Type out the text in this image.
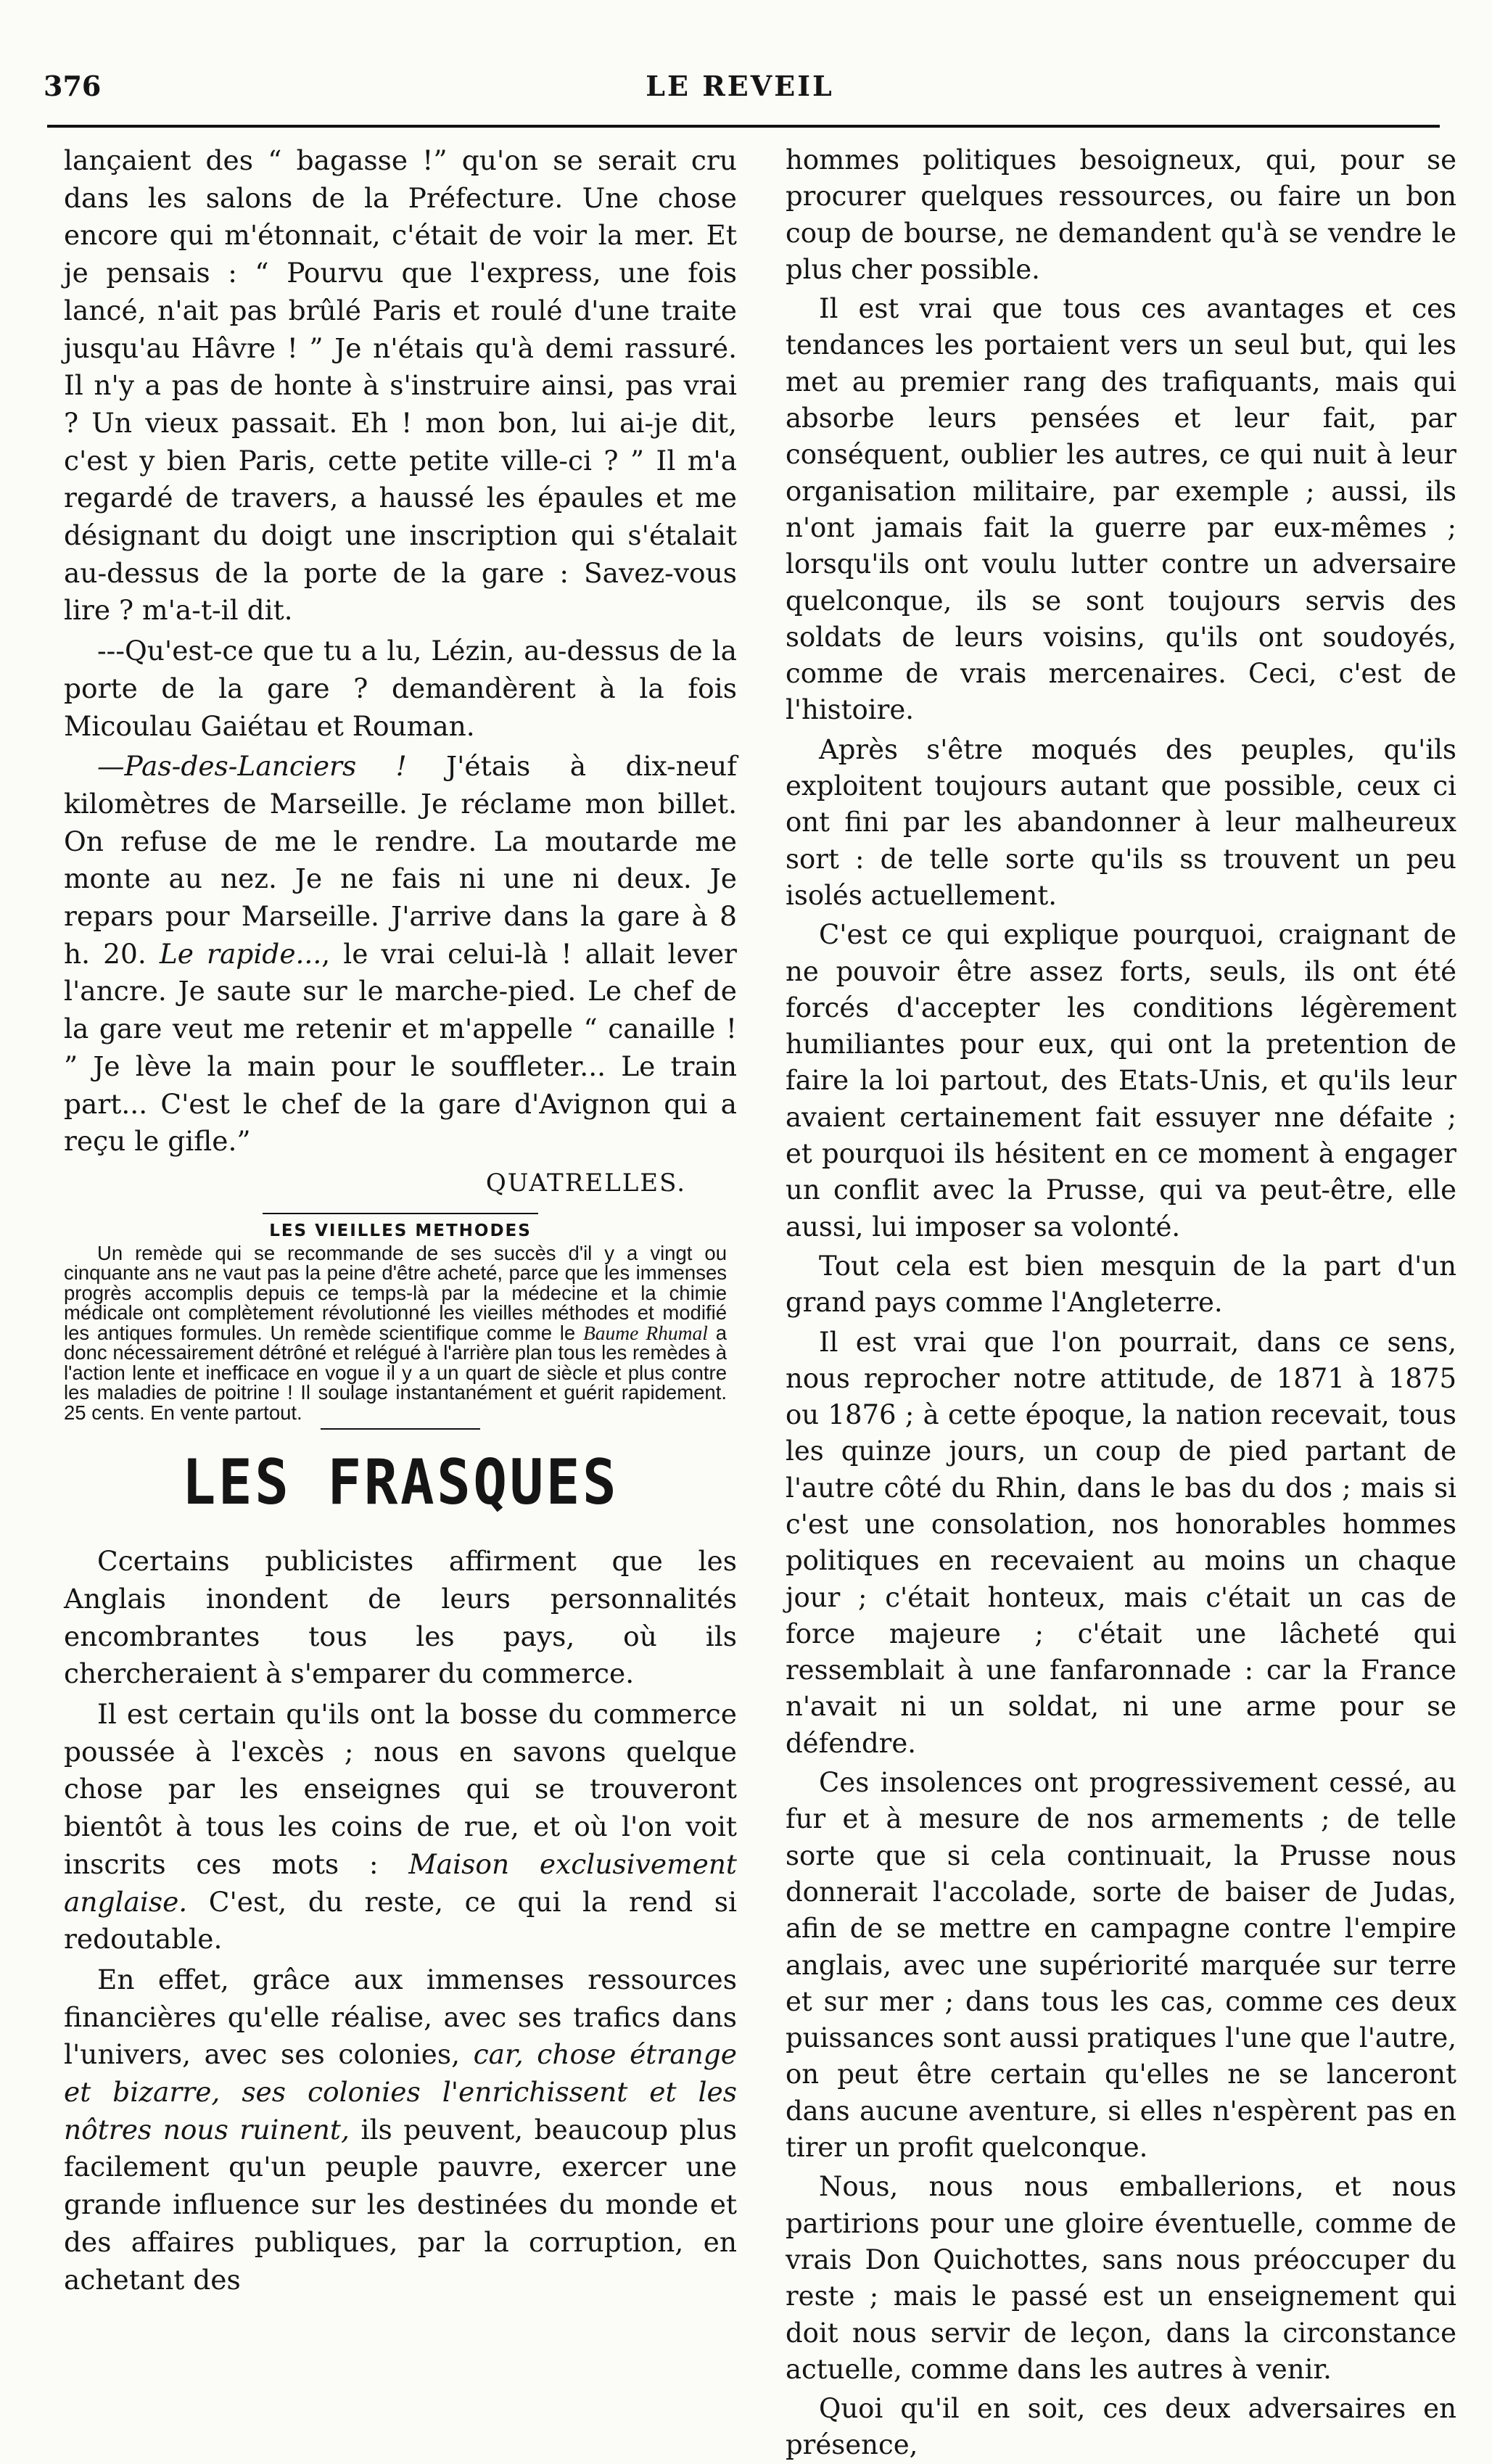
376	LE REVEIL

lançaient des “ bagasse !” qu'on se serait cru dans les salons de la Préfecture. Une chose encore qui m'étonnait, c'était de voir la mer. Et je pensais : “ Pourvu que l'express, une fois lancé, n'ait pas brûlé Paris et roulé d'une traite jusqu'au Hâvre ! ” Je n'étais qu'à demi rassuré. Il n'y a pas de honte à s'instruire ainsi, pas vrai ? Un vieux passait. Eh ! mon bon, lui ai-je dit, c'est y bien Paris, cette petite ville-ci ? ” Il m'a regardé de travers, a haussé les épaules et me désignant du doigt une inscription qui s'étalait au-dessus de la porte de la gare : Savez-vous lire ? m'a-t-il dit.

---Qu'est-ce que tu a lu, Lézin, au-dessus de la porte de la gare ? demandèrent à la fois Micoulau Gaiétau et Rouman.

—Pas-des-Lanciers ! J'étais à dix-neuf kilomètres de Marseille. Je réclame mon billet. On refuse de me le rendre. La moutarde me monte au nez. Je ne fais ni une ni deux. Je repars pour Marseille. J'arrive dans la gare à 8 h. 20. Le rapide..., le vrai celui-là ! allait lever l'ancre. Je saute sur le marche-pied. Le chef de la gare veut me retenir et m'appelle “ canaille ! ” Je lève la main pour le souffleter... Le train part... C'est le chef de la gare d'Avignon qui a reçu le gifle.”

QUATRELLES.

LES VIEILLES METHODES

Un remède qui se recommande de ses succès d'il y a vingt ou cinquante ans ne vaut pas la peine d'être acheté, parce que les immenses progrès accomplis depuis ce temps-là par la médecine et la chimie médicale ont complètement révolutionné les vieilles méthodes et modifié les antiques formules. Un remède scientifique comme le Baume Rhumal a donc nécessairement détrôné et relégué à l'arrière plan tous les remèdes à l'action lente et inefficace en vogue il y a un quart de siècle et plus contre les maladies de poitrine ! Il soulage instantanément et guérit rapidement. 25 cents. En vente partout.

LES FRASQUES

Ccertains publicistes affirment que les Anglais inondent de leurs personnalités encombrantes tous les pays, où ils chercheraient à s'emparer du commerce.

Il est certain qu'ils ont la bosse du commerce poussée à l'excès ; nous en savons quelque chose par les enseignes qui se trouveront bientôt à tous les coins de rue, et où l'on voit inscrits ces mots : Maison exclusivement anglaise. C'est, du reste, ce qui la rend si redoutable.

En effet, grâce aux immenses ressources financières qu'elle réalise, avec ses trafics dans l'univers, avec ses colonies, car, chose étrange et bizarre, ses colonies l'enrichissent et les nôtres nous ruinent, ils peuvent, beaucoup plus facilement qu'un peuple pauvre, exercer une grande influence sur les destinées du monde et des affaires publiques, par la corruption, en achetant des

hommes politiques besoigneux, qui, pour se procurer quelques ressources, ou faire un bon coup de bourse, ne demandent qu'à se vendre le plus cher possible.

Il est vrai que tous ces avantages et ces tendances les portaient vers un seul but, qui les met au premier rang des trafiquants, mais qui absorbe leurs pensées et leur fait, par conséquent, oublier les autres, ce qui nuit à leur organisation militaire, par exemple ; aussi, ils n'ont jamais fait la guerre par eux-mêmes ; lorsqu'ils ont voulu lutter contre un adversaire quelconque, ils se sont toujours servis des soldats de leurs voisins, qu'ils ont soudoyés, comme de vrais mercenaires. Ceci, c'est de l'histoire.

Après s'être moqués des peuples, qu'ils exploitent toujours autant que possible, ceux ci ont fini par les abandonner à leur malheureux sort : de telle sorte qu'ils ss trouvent un peu isolés actuellement.

C'est ce qui explique pourquoi, craignant de ne pouvoir être assez forts, seuls, ils ont été forcés d'accepter les conditions légèrement humiliantes pour eux, qui ont la pretention de faire la loi partout, des Etats-Unis, et qu'ils leur avaient certainement fait essuyer nne défaite ; et pourquoi ils hésitent en ce moment à engager un conflit avec la Prusse, qui va peut-être, elle aussi, lui imposer sa volonté.

Tout cela est bien mesquin de la part d'un grand pays comme l'Angleterre.

Il est vrai que l'on pourrait, dans ce sens, nous reprocher notre attitude, de 1871 à 1875 ou 1876 ; à cette époque, la nation recevait, tous les quinze jours, un coup de pied partant de l'autre côté du Rhin, dans le bas du dos ; mais si c'est une consolation, nos honorables hommes politiques en recevaient au moins un chaque jour ; c'était honteux, mais c'était un cas de force majeure ; c'était une lâcheté qui ressemblait à une fanfaronnade : car la France n'avait ni un soldat, ni une arme pour se défendre.

Ces insolences ont progressivement cessé, au fur et à mesure de nos armements ; de telle sorte que si cela continuait, la Prusse nous donnerait l'accolade, sorte de baiser de Judas, afin de se mettre en campagne contre l'empire anglais, avec une supériorité marquée sur terre et sur mer ; dans tous les cas, comme ces deux puissances sont aussi pratiques l'une que l'autre, on peut être certain qu'elles ne se lanceront dans aucune aventure, si elles n'espèrent pas en tirer un profit quelconque.

Nous, nous nous emballerions, et nous partirions pour une gloire éventuelle, comme de vrais Don Quichottes, sans nous préoccuper du reste ; mais le passé est un enseignement qui doit nous servir de leçon, dans la circonstance actuelle, comme dans les autres à venir.

Quoi qu'il en soit, ces deux adversaires en présence,
